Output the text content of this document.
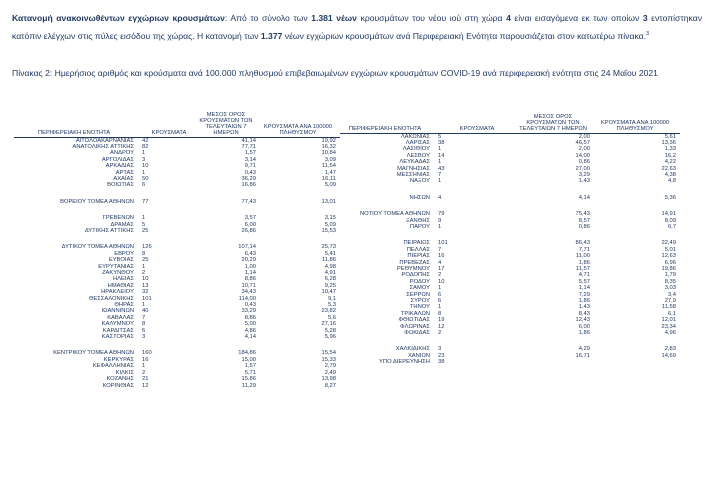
Κατανομή ανακοινωθέντων εγχώριων κρουσμάτων: Από το σύνολο των 1.381 νέων κρουσμάτων του νέου ιού στη χώρα 4 είναι εισαγόμενα εκ των οποίων 3 εντοπίστηκαν κατόπιν ελέγχων στις πύλες εισόδου της χώρας. Η κατανομή των 1.377 νέων εγχώριων κρουσμάτων ανά Περιφερειακή Ενότητα παρουσιάζεται στον κατωτέρω πίνακα.$^3$
Πίνακας 2: Ημερήσιος αριθμός και κρούσματα ανά 100.000 πληθυσμού επιβεβαιωμένων εγχώριων κρουσμάτων COVID-19 ανά περιφερειακή ενότητα στις 24 Μαΐου 2021
ΠΕΡΙΦΕΡΕΙΑΚΗ ΕΝΟΤΗΤΑ	ΚΡΟΥΣΜΑΤΑ	ΜΕΣΟΣ ΟΡΟΣ ΚΡΟΥΣΜΑΤΩΝ ΤΩΝ ΤΕΛΕΥΤΑΙΩΝ 7 ΗΜΕΡΩΝ	ΚΡΟΥΣΜΑΤΑ ΑΝΑ 100000 ΠΛΗΘΥΣΜΟΥ
ΑΙΤΩΛΟΑΚΑΡΝΑΝΙΑΣ	42	41,14	19,92
ΑΝΑΤΟΛΙΚΗΣ ΑΤΤΙΚΗΣ	82	77,71	16,32
ΑΝΔΡΟΥ	1	1,57	10,84
ΑΡΓΟΛΙΔΑΣ	3	3,14	3,09
ΑΡΚΑΔΙΑΣ	10	9,71	11,54
ΑΡΤΑΣ	1	0,43	1,47
ΑΧΑΪΑΣ	50	36,29	16,11
ΒΟΙΩΤΙΑΣ	6	16,86	5,09

ΒΟΡΕΙΟΥ ΤΟΜΕΑ ΑΘΗΝΩΝ	77	77,43	13,01

ΓΡΕΒΕΝΩΝ	1	3,57	3,15
ΔΡΑΜΑΣ	5	6,00	5,09
ΔΥΤΙΚΗΣ ΑΤΤΙΚΗΣ	25	26,86	15,53

ΔΥΤΙΚΟΥ ΤΟΜΕΑ ΑΘΗΝΩΝ	126	107,14	25,73
ΕΒΡΟΥ	8	6,43	5,41
ΕΥΒΟΙΑΣ	25	20,29	11,86
ΕΥΡΥΤΑΝΙΑΣ	1	1,00	4,98
ΖΑΚΥΝΘΟΥ	2	1,14	4,91
ΗΛΕΙΑΣ	10	8,86	6,28
ΗΜΑΘΙΑΣ	13	10,71	9,25
ΗΡΑΚΛΕΙΟΥ	32	34,43	10,47
ΘΕΣΣΑΛΟΝΙΚΗΣ	101	114,00	9,1
ΘΗΡΑΣ	1	0,43	5,3
ΙΩΑΝΝΙΝΩΝ	40	33,29	23,82
ΚΑΒΑΛΑΣ	7	8,86	5,6
ΚΑΛΥΜΝΟΥ	8	5,00	27,16
ΚΑΡΔΙΤΣΑΣ	6	4,86	5,28
ΚΑΣΤΟΡΙΑΣ	3	4,14	5,96

ΚΕΝΤΡΙΚΟΥ ΤΟΜΕΑ ΑΘΗΝΩΝ	160	184,86	15,54
ΚΕΡΚΥΡΑΣ	16	15,00	15,33
ΚΕΦΑΛΛΗΝΙΑΣ	1	1,57	2,79
ΚΙΛΚΙΣ	2	5,71	2,49
ΚΟΖΑΝΗΣ	21	15,86	13,98
ΚΟΡΙΝΘΙΑΣ	12	11,29	8,27
ΠΕΡΙΦΕΡΕΙΑΚΗ ΕΝΟΤΗΤΑ	ΚΡΟΥΣΜΑΤΑ	ΜΕΣΟΣ ΟΡΟΣ ΚΡΟΥΣΜΑΤΩΝ ΤΩΝ ΤΕΛΕΥΤΑΙΩΝ 7 ΗΜΕΡΩΝ	ΚΡΟΥΣΜΑΤΑ ΑΝΑ 100000 ΠΛΗΘΥΣΜΟΥ
ΛΑΚΩΝΙΑΣ	5	2,00	5,61
ΛΑΡΙΣΑΣ	38	46,57	13,36
ΛΑΣΙΘΙΟΥ	1	2,00	1,33
ΛΕΣΒΟΥ	14	14,00	16,2
ΛΕΥΚΑΔΑΣ	1	0,86	4,22
ΜΑΓΝΗΣΙΑΣ	43	27,00	22,63
ΜΕΣΣΗΝΙΑΣ	7	3,29	4,38
ΝΑΞΟΥ	1	1,43	4,8

ΝΗΣΩΝ	4	4,14	5,36

ΝΟΤΙΟΥ ΤΟΜΕΑ ΑΘΗΝΩΝ	79	75,43	14,91
ΞΑΝΘΗΣ	9	8,57	8,09
ΠΑΡΟΥ	1	0,86	6,7

ΠΕΙΡΑΙΩΣ	101	86,43	22,49
ΠΕΛΛΑΣ	7	7,71	5,01
ΠΙΕΡΙΑΣ	16	11,00	12,63
ΠΡΕΒΕΖΑΣ	4	1,86	6,96
ΡΕΘΥΜΝΟΥ	17	11,57	19,86
ΡΟΔΟΠΗΣ	2	4,71	1,79
ΡΟΔΟΥ	10	5,57	8,35
ΣΑΜΟΥ	1	1,14	3,03
ΣΕΡΡΩΝ	6	7,29	3,4
ΣΥΡΟΥ	6	1,86	27,9
ΤΗΝΟΥ	1	1,43	11,58
ΤΡΙΚΑΛΩΝ	8	8,43	6,1
ΦΘΙΩΤΙΔΑΣ	19	12,43	12,01
ΦΛΩΡΙΝΑΣ	12	6,00	23,34
ΦΩΚΙΔΑΣ	2	1,86	4,96

ΧΑΛΚΙΔΙΚΗΣ	3	4,29	2,83
ΧΑΝΙΩΝ	23	16,71	14,69
ΥΠΟ ΔΙΕΡΕΥΝΗΣΗ	38		
